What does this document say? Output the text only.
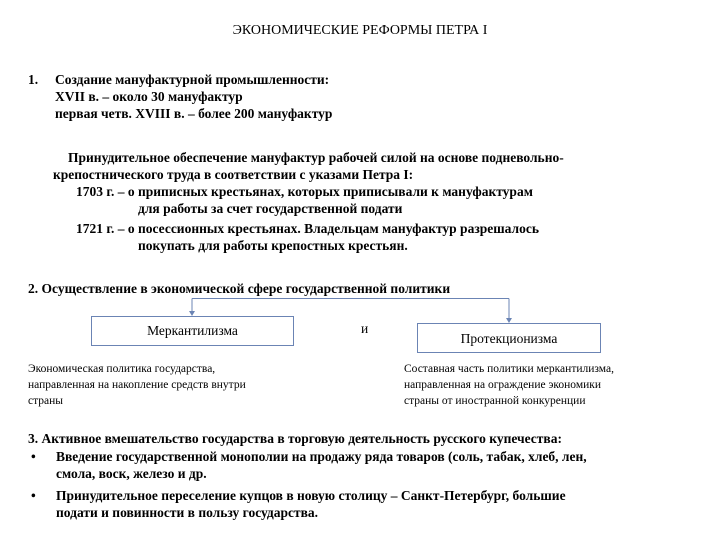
ЭКОНОМИЧЕСКИЕ РЕФОРМЫ ПЕТРА I
1. Создание мануфактурной промышленности:
XVII в. – около 30 мануфактур
первая четв. XVIII в. – более 200 мануфактур
Принудительное обеспечение мануфактур рабочей силой на основе подневольно-
крепостнического труда в соответствии с указами Петра I:
1703 г. – о приписных крестьянах, которых приписывали к мануфактурам
для работы за счет государственной подати
1721 г. – о посессионных крестьянах. Владельцам мануфактур разрешалось
покупать для работы крепостных крестьян.
2. Осуществление в экономической сфере государственной политики
Меркантилизма	и
Протекционизма
Экономическая политика государства,
направленная на накопление средств внутри
страны
Составная часть политики меркантилизма,
направленная на ограждение экономики
страны от иностранной конкуренции
3. Активное вмешательство государства в торговую деятельность русского купечества:
• Введение государственной монополии на продажу ряда товаров (соль, табак, хлеб, лен,
смола, воск, железо и др.
• Принудительное переселение купцов в новую столицу – Санкт-Петербург, большие
подати и повинности в пользу государства.
